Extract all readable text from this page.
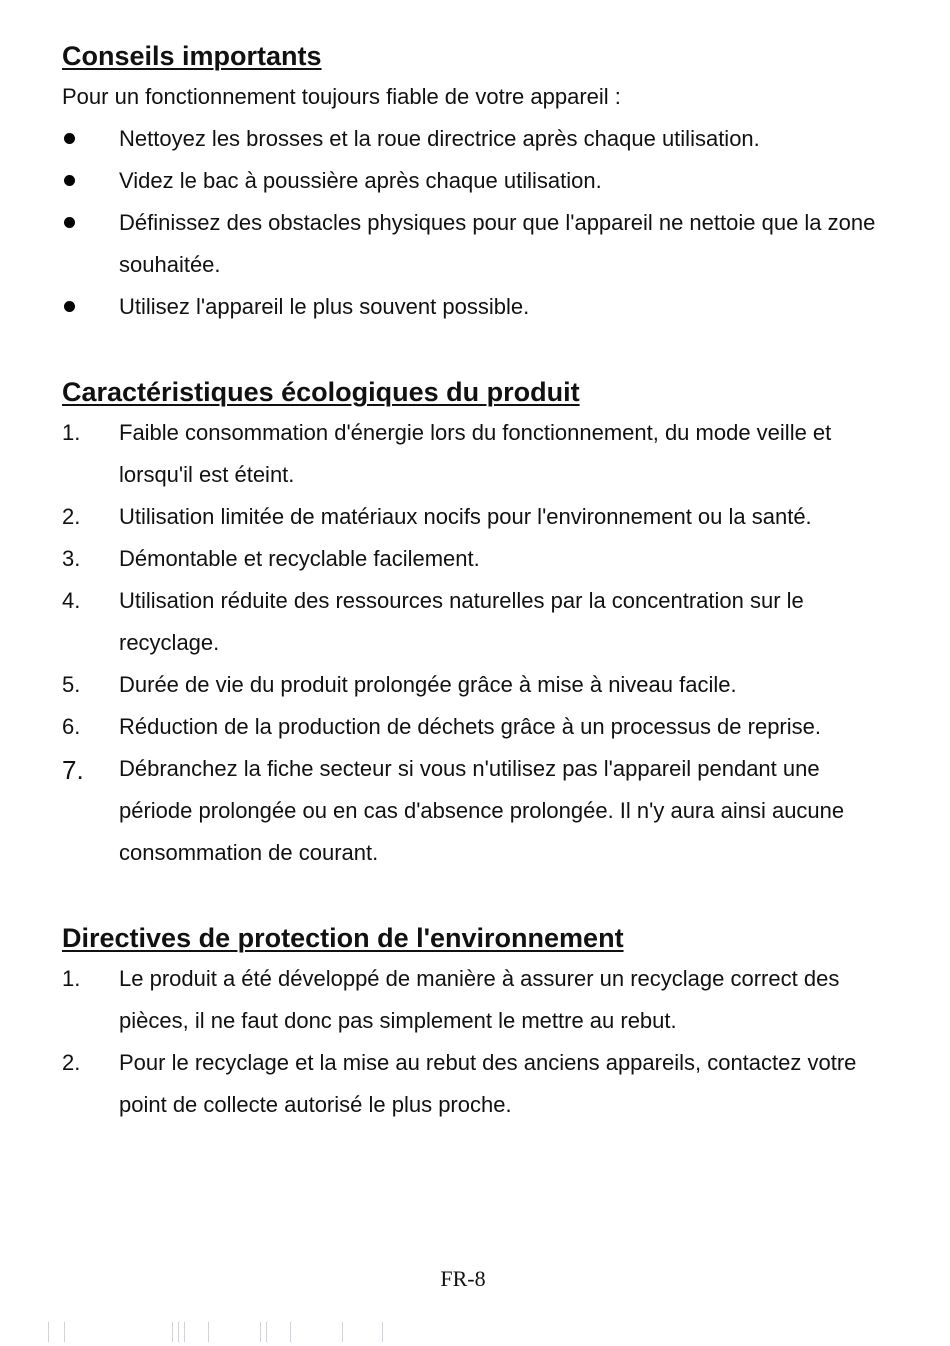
Conseils importants

Pour un fonctionnement toujours fiable de votre appareil :

Nettoyez les brosses et la roue directrice après chaque utilisation.
Videz le bac à poussière après chaque utilisation.
Définissez des obstacles physiques pour que l'appareil ne nettoie que la zone souhaitée.
Utilisez l'appareil le plus souvent possible.
Caractéristiques écologiques du produit
1. Faible consommation d'énergie lors du fonctionnement, du mode veille et lorsqu'il est éteint.
2. Utilisation limitée de matériaux nocifs pour l'environnement ou la santé.
3. Démontable et recyclable facilement.
4. Utilisation réduite des ressources naturelles par la concentration sur le recyclage.
5. Durée de vie du produit prolongée grâce à mise à niveau facile.
6. Réduction de la production de déchets grâce à un processus de reprise.
7. Débranchez la fiche secteur si vous n'utilisez pas l'appareil pendant une période prolongée ou en cas d'absence prolongée. Il n'y aura ainsi aucune consommation de courant.
Directives de protection de l'environnement
1. Le produit a été développé de manière à assurer un recyclage correct des pièces, il ne faut donc pas simplement le mettre au rebut.
2. Pour le recyclage et la mise au rebut des anciens appareils, contactez votre point de collecte autorisé le plus proche.
FR-8
